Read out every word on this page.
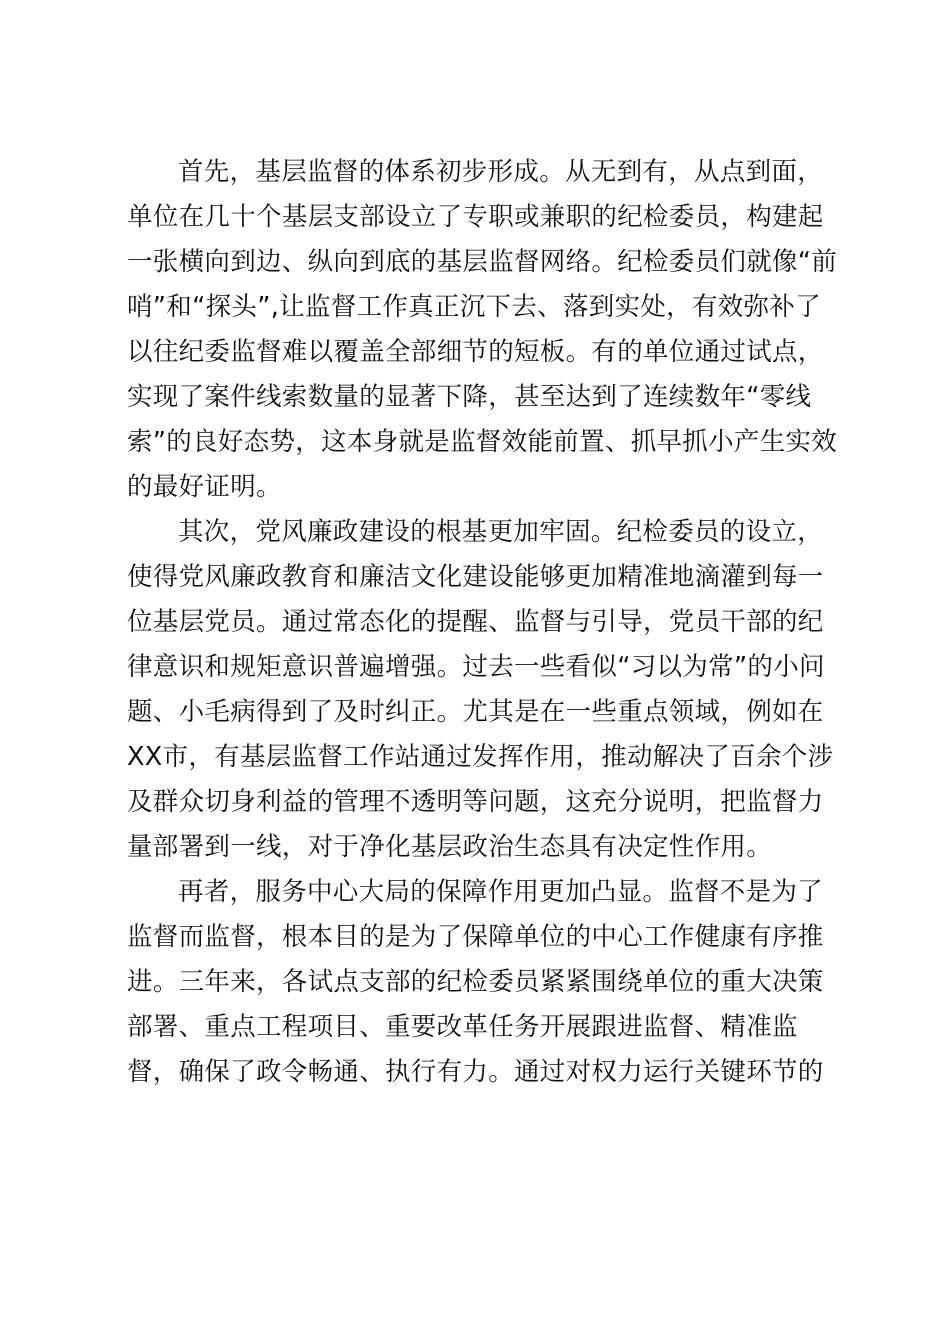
首先，基层监督的体系初步形成。从无到有，从点到面，
单位在几十个基层支部设立了专职或兼职的纪检委员，构建起
一张横向到边、纵向到底的基层监督网络。纪检委员们就像“前
哨”和“探头”,让监督工作真正沉下去、落到实处，有效弥补了
以往纪委监督难以覆盖全部细节的短板。有的单位通过试点，
实现了案件线索数量的显著下降，甚至达到了连续数年“零线
索”的良好态势，这本身就是监督效能前置、抓早抓小产生实效
的最好证明。
其次，党风廉政建设的根基更加牢固。纪检委员的设立，
使得党风廉政教育和廉洁文化建设能够更加精准地滴灌到每一
位基层党员。通过常态化的提醒、监督与引导，党员干部的纪
律意识和规矩意识普遍增强。过去一些看似“习以为常”的小问
题、小毛病得到了及时纠正。尤其是在一些重点领域，例如在
XX市，有基层监督工作站通过发挥作用，推动解决了百余个涉
及群众切身利益的管理不透明等问题，这充分说明，把监督力
量部署到一线，对于净化基层政治生态具有决定性作用。
再者，服务中心大局的保障作用更加凸显。监督不是为了
监督而监督，根本目的是为了保障单位的中心工作健康有序推
进。三年来，各试点支部的纪检委员紧紧围绕单位的重大决策
部署、重点工程项目、重要改革任务开展跟进监督、精准监
督，确保了政令畅通、执行有力。通过对权力运行关键环节的
